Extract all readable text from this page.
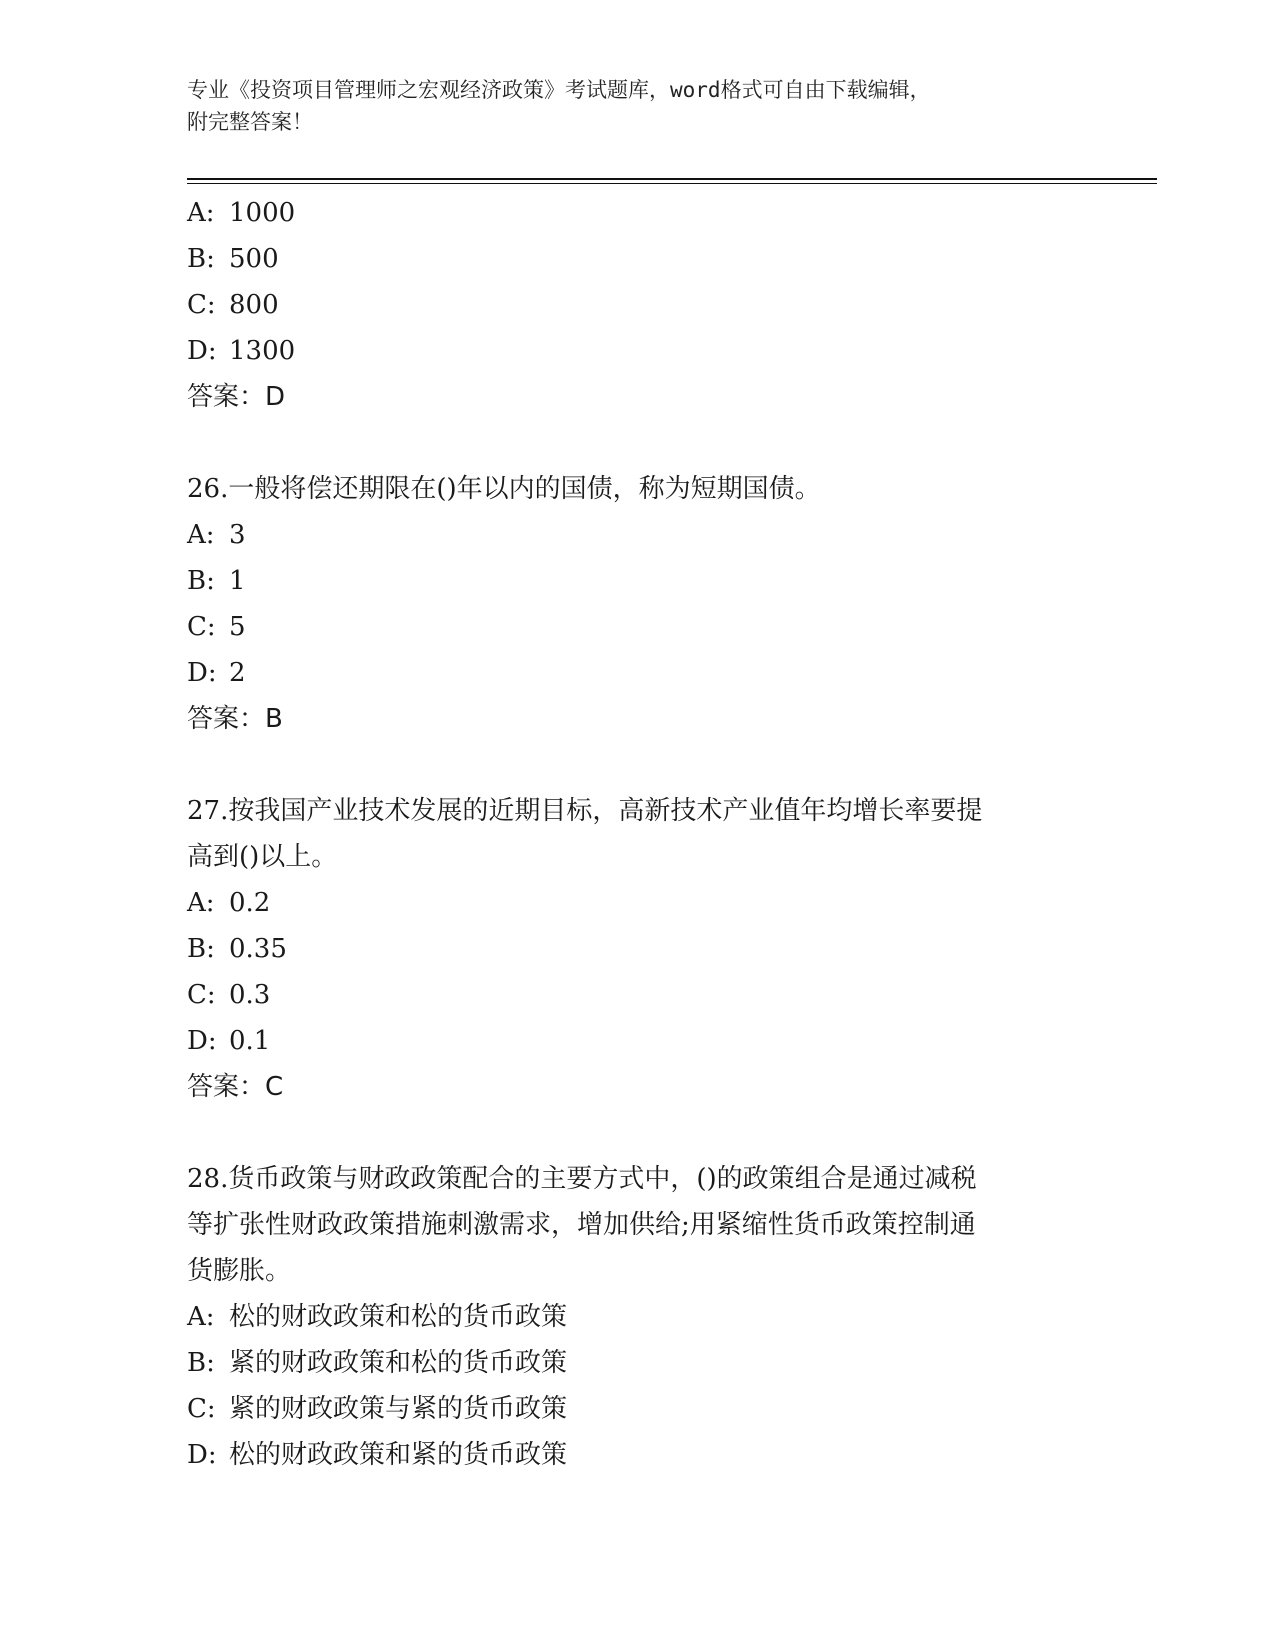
专业《投资项目管理师之宏观经济政策》考试题库，word格式可自由下载编辑，
附完整答案！
A: 1000
B: 500
C: 800
D: 1300
答案：D
26.一般将偿还期限在()年以内的国债，称为短期国债。
A: 3
B: 1
C: 5
D: 2
答案：B
27.按我国产业技术发展的近期目标，高新技术产业值年均增长率要提
高到()以上。
A: 0.2
B: 0.35
C: 0.3
D: 0.1
答案：C
28.货币政策与财政政策配合的主要方式中，()的政策组合是通过减税
等扩张性财政政策措施刺激需求，增加供给;用紧缩性货币政策控制通
货膨胀。
A: 松的财政政策和松的货币政策
B: 紧的财政政策和松的货币政策
C: 紧的财政政策与紧的货币政策
D: 松的财政政策和紧的货币政策
